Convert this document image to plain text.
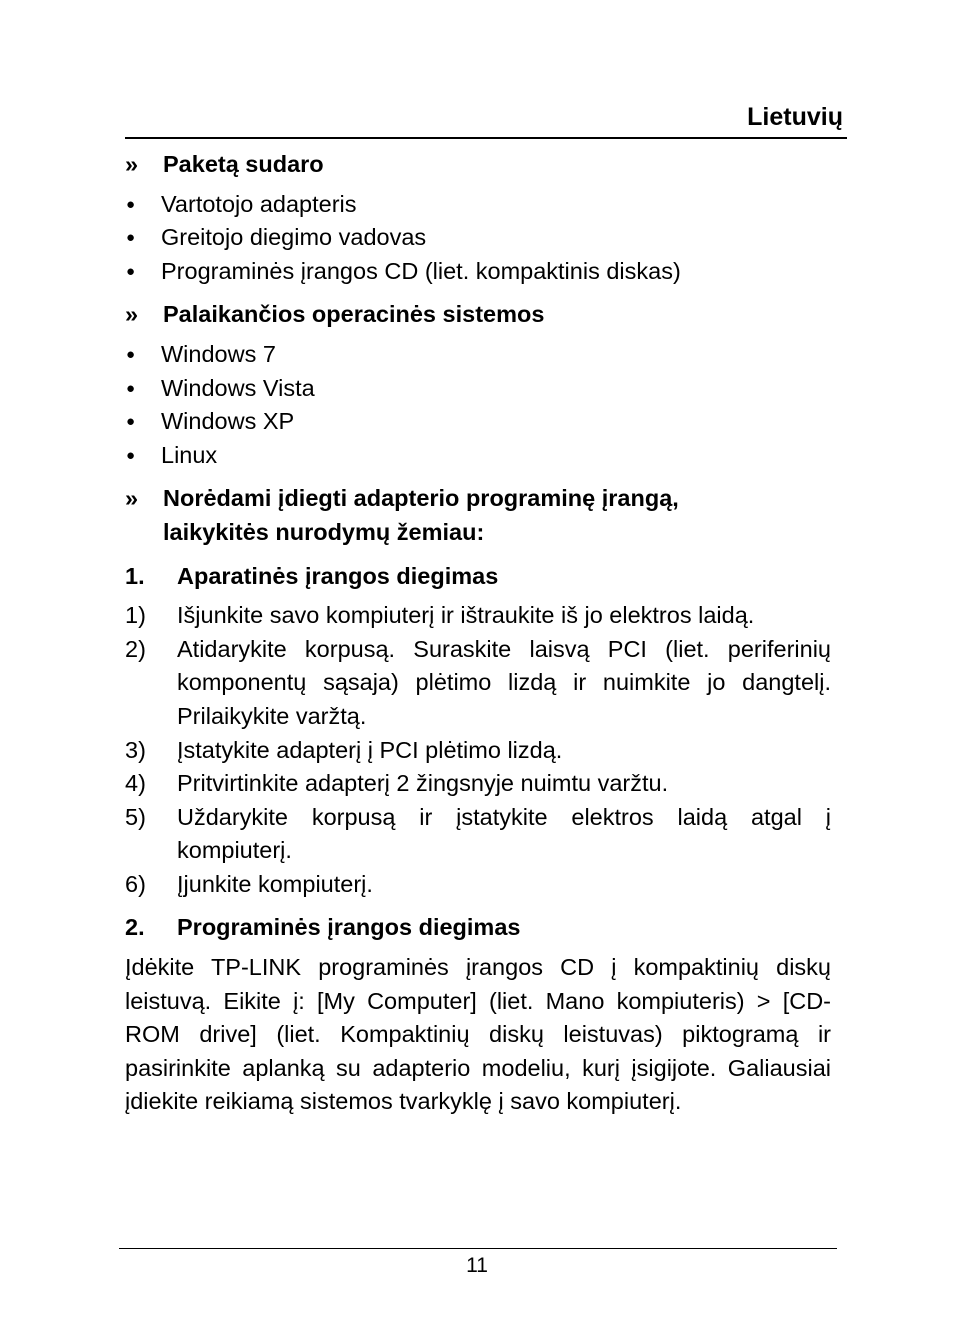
Lietuvių
»	Paketą sudaro
●	Vartotojo adapteris
●	Greitojo diegimo vadovas
●	Programinės įrangos CD (liet. kompaktinis diskas)
»	Palaikančios operacinės sistemos
●	Windows 7
●	Windows Vista
●	Windows XP
●	Linux
»	Norėdami įdiegti adapterio programinę įrangą, laikykitės nurodymų žemiau:
1.	Aparatinės įrangos diegimas
1)	Išjunkite savo kompiuterį ir ištraukite iš jo elektros laidą.
2)	Atidarykite korpusą. Suraskite laisvą PCI (liet. periferinių komponentų sąsaja) plėtimo lizdą ir nuimkite jo dangtelį. Prilaikykite varžtą.
3)	Įstatykite adapterį į PCI plėtimo lizdą.
4)	Pritvirtinkite adapterį 2 žingsnyje nuimtu varžtu.
5)	Uždarykite korpusą ir įstatykite elektros laidą atgal į kompiuterį.
6)	Įjunkite kompiuterį.
2.	Programinės įrangos diegimas
Įdėkite TP-LINK programinės įrangos CD į kompaktinių diskų leistuvą. Eikite į: [My Computer] (liet. Mano kompiuteris) > [CD-ROM drive] (liet. Kompaktinių diskų leistuvas) piktogramą ir pasirinkite aplanką su adapterio modeliu, kurį įsigijote. Galiausiai įdiekite reikiamą sistemos tvarkyklę į savo kompiuterį.
11
